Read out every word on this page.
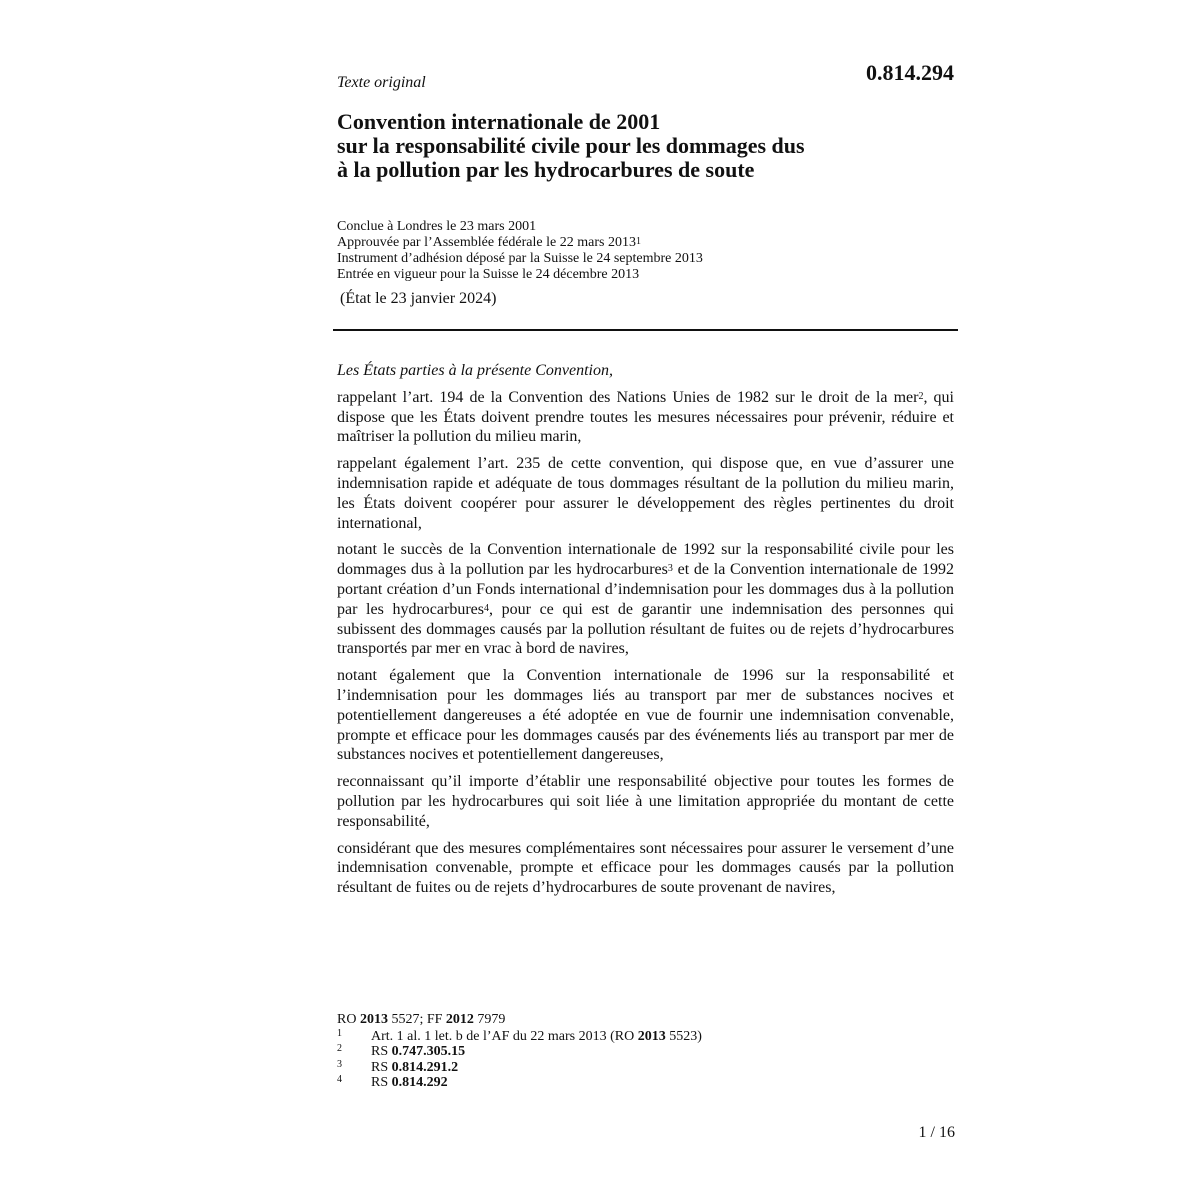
0.814.294
Texte original
Convention internationale de 2001
sur la responsabilité civile pour les dommages dus
à la pollution par les hydrocarbures de soute
Conclue à Londres le 23 mars 2001
Approuvée par l’Assemblée fédérale le 22 mars 2013$^1$
Instrument d’adhésion déposé par la Suisse le 24 septembre 2013
Entrée en vigueur pour la Suisse le 24 décembre 2013
(État le 23 janvier 2024)

Les États parties à la présente Convention,

rappelant l’art. 194 de la Convention des Nations Unies de 1982 sur le droit de la mer$^2$, qui dispose que les États doivent prendre toutes les mesures nécessaires pour prévenir, réduire et maîtriser la pollution du milieu marin,

rappelant également l’art. 235 de cette convention, qui dispose que, en vue d’assurer une indemnisation rapide et adéquate de tous dommages résultant de la pollution du milieu marin, les États doivent coopérer pour assurer le développement des règles pertinentes du droit international,

notant le succès de la Convention internationale de 1992 sur la responsabilité civile pour les dommages dus à la pollution par les hydrocarbures$^3$ et de la Convention internationale de 1992 portant création d’un Fonds international d’indemnisation pour les dommages dus à la pollution par les hydrocarbures$^4$, pour ce qui est de garantir une indemnisation des personnes qui subissent des dommages causés par la pollution résultant de fuites ou de rejets d’hydrocarbures transportés par mer en vrac à bord de navires,

notant également que la Convention internationale de 1996 sur la responsabilité et l’indemnisation pour les dommages liés au transport par mer de substances nocives et potentiellement dangereuses a été adoptée en vue de fournir une indemnisation convenable, prompte et efficace pour les dommages causés par des événements liés au transport par mer de substances nocives et potentiellement dangereuses,

reconnaissant qu’il importe d’établir une responsabilité objective pour toutes les formes de pollution par les hydrocarbures qui soit liée à une limitation appropriée du montant de cette responsabilité,

considérant que des mesures complémentaires sont nécessaires pour assurer le versement d’une indemnisation convenable, prompte et efficace pour les dommages causés par la pollution résultant de fuites ou de rejets d’hydrocarbures de soute provenant de navires,

RO 2013 5527; FF 2012 7979
1 Art. 1 al. 1 let. b de l’AF du 22 mars 2013 (RO 2013 5523)
2 RS 0.747.305.15
3 RS 0.814.291.2
4 RS 0.814.292
1 / 16
